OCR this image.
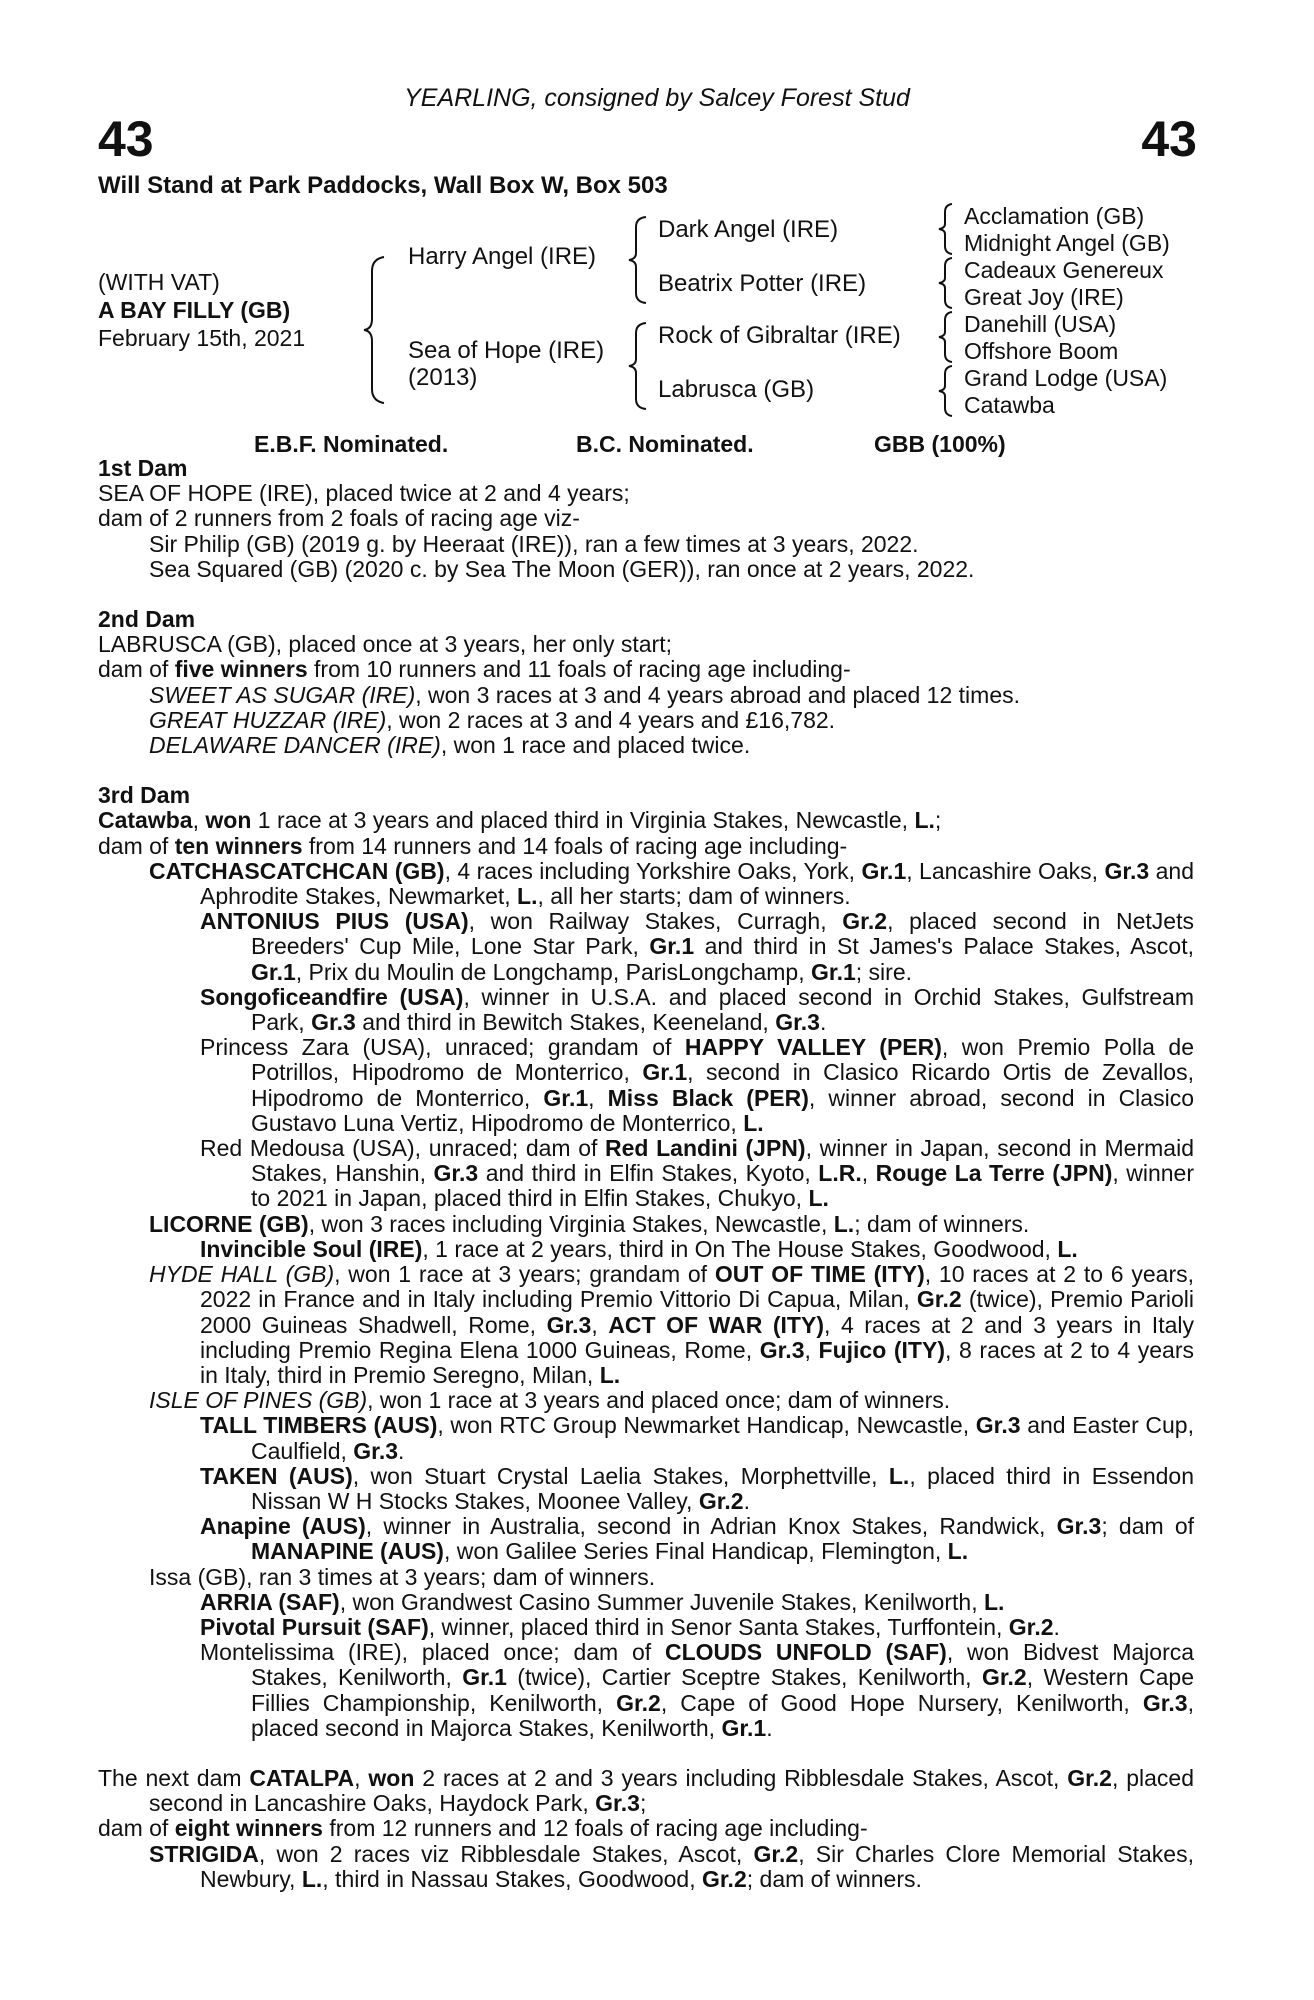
YEARLING, consigned by Salcey Forest Stud
43	43
Will Stand at Park Paddocks, Wall Box W, Box 503
(WITH VAT)
A BAY FILLY (GB)
February 15th, 2021
Harry Angel (IRE)
Sea of Hope (IRE)
(2013)
Dark Angel (IRE)
Beatrix Potter (IRE)
Rock of Gibraltar (IRE)
Labrusca (GB)
Acclamation (GB)
Midnight Angel (GB)
Cadeaux Genereux
Great Joy (IRE)
Danehill (USA)
Offshore Boom
Grand Lodge (USA)
Catawba
E.B.F. Nominated.	B.C. Nominated.	GBB (100%)

1st Dam

SEA OF HOPE (IRE), placed twice at 2 and 4 years;

dam of 2 runners from 2 foals of racing age viz-

Sir Philip (GB) (2019 g. by Heeraat (IRE)), ran a few times at 3 years, 2022.

Sea Squared (GB) (2020 c. by Sea The Moon (GER)), ran once at 2 years, 2022.

2nd Dam

LABRUSCA (GB), placed once at 3 years, her only start;

dam of five winners from 10 runners and 11 foals of racing age including-

SWEET AS SUGAR (IRE), won 3 races at 3 and 4 years abroad and placed 12 times.

GREAT HUZZAR (IRE), won 2 races at 3 and 4 years and £16,782.

DELAWARE DANCER (IRE), won 1 race and placed twice.

3rd Dam

Catawba, won 1 race at 3 years and placed third in Virginia Stakes, Newcastle, L.;

dam of ten winners from 14 runners and 14 foals of racing age including-

CATCHASCATCHCAN (GB), 4 races including Yorkshire Oaks, York, Gr.1, Lancashire Oaks, Gr.3 and Aphrodite Stakes, Newmarket, L., all her starts; dam of winners.

ANTONIUS PIUS (USA), won Railway Stakes, Curragh, Gr.2, placed second in NetJets Breeders' Cup Mile, Lone Star Park, Gr.1 and third in St James's Palace Stakes, Ascot, Gr.1, Prix du Moulin de Longchamp, ParisLongchamp, Gr.1; sire.

Songoficeandfire (USA), winner in U.S.A. and placed second in Orchid Stakes, Gulfstream Park, Gr.3 and third in Bewitch Stakes, Keeneland, Gr.3.

Princess Zara (USA), unraced; grandam of HAPPY VALLEY (PER), won Premio Polla de Potrillos, Hipodromo de Monterrico, Gr.1, second in Clasico Ricardo Ortis de Zevallos, Hipodromo de Monterrico, Gr.1, Miss Black (PER), winner abroad, second in Clasico Gustavo Luna Vertiz, Hipodromo de Monterrico, L.

Red Medousa (USA), unraced; dam of Red Landini (JPN), winner in Japan, second in Mermaid Stakes, Hanshin, Gr.3 and third in Elfin Stakes, Kyoto, L.R., Rouge La Terre (JPN), winner to 2021 in Japan, placed third in Elfin Stakes, Chukyo, L.

LICORNE (GB), won 3 races including Virginia Stakes, Newcastle, L.; dam of winners.

Invincible Soul (IRE), 1 race at 2 years, third in On The House Stakes, Goodwood, L.

HYDE HALL (GB), won 1 race at 3 years; grandam of OUT OF TIME (ITY), 10 races at 2 to 6 years, 2022 in France and in Italy including Premio Vittorio Di Capua, Milan, Gr.2 (twice), Premio Parioli 2000 Guineas Shadwell, Rome, Gr.3, ACT OF WAR (ITY), 4 races at 2 and 3 years in Italy including Premio Regina Elena 1000 Guineas, Rome, Gr.3, Fujico (ITY), 8 races at 2 to 4 years in Italy, third in Premio Seregno, Milan, L.

ISLE OF PINES (GB), won 1 race at 3 years and placed once; dam of winners.

TALL TIMBERS (AUS), won RTC Group Newmarket Handicap, Newcastle, Gr.3 and Easter Cup, Caulfield, Gr.3.

TAKEN (AUS), won Stuart Crystal Laelia Stakes, Morphettville, L., placed third in Essendon Nissan W H Stocks Stakes, Moonee Valley, Gr.2.

Anapine (AUS), winner in Australia, second in Adrian Knox Stakes, Randwick, Gr.3; dam of MANAPINE (AUS), won Galilee Series Final Handicap, Flemington, L.

Issa (GB), ran 3 times at 3 years; dam of winners.

ARRIA (SAF), won Grandwest Casino Summer Juvenile Stakes, Kenilworth, L.

Pivotal Pursuit (SAF), winner, placed third in Senor Santa Stakes, Turffontein, Gr.2.

Montelissima (IRE), placed once; dam of CLOUDS UNFOLD (SAF), won Bidvest Majorca Stakes, Kenilworth, Gr.1 (twice), Cartier Sceptre Stakes, Kenilworth, Gr.2, Western Cape Fillies Championship, Kenilworth, Gr.2, Cape of Good Hope Nursery, Kenilworth, Gr.3, placed second in Majorca Stakes, Kenilworth, Gr.1.

The next dam CATALPA, won 2 races at 2 and 3 years including Ribblesdale Stakes, Ascot, Gr.2, placed second in Lancashire Oaks, Haydock Park, Gr.3;

dam of eight winners from 12 runners and 12 foals of racing age including-

STRIGIDA, won 2 races viz Ribblesdale Stakes, Ascot, Gr.2, Sir Charles Clore Memorial Stakes, Newbury, L., third in Nassau Stakes, Goodwood, Gr.2; dam of winners.
